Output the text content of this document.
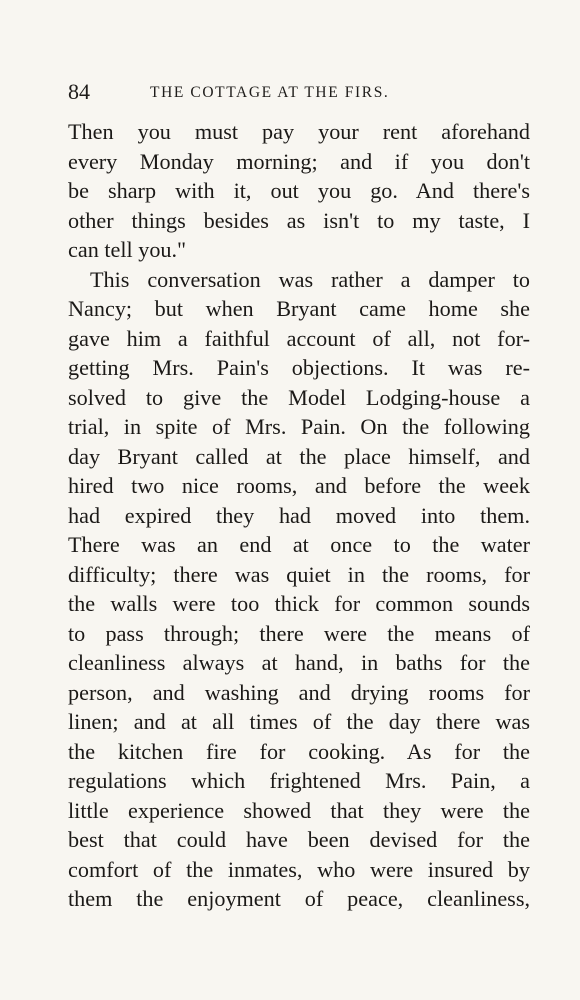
84	THE COTTAGE AT THE FIRS.
Then you must pay your rent aforehand
every Monday morning; and if you don't
be sharp with it, out you go. And there's
other things besides as isn't to my taste, I
can tell you."
This conversation was rather a damper to
Nancy; but when Bryant came home she
gave him a faithful account of all, not for-
getting Mrs. Pain's objections. It was re-
solved to give the Model Lodging-house a
trial, in spite of Mrs. Pain. On the following
day Bryant called at the place himself, and
hired two nice rooms, and before the week
had expired they had moved into them.
There was an end at once to the water
difficulty; there was quiet in the rooms, for
the walls were too thick for common sounds
to pass through; there were the means of
cleanliness always at hand, in baths for the
person, and washing and drying rooms for
linen; and at all times of the day there was
the kitchen fire for cooking. As for the
regulations which frightened Mrs. Pain, a
little experience showed that they were the
best that could have been devised for the
comfort of the inmates, who were insured by
them the enjoyment of peace, cleanliness,
